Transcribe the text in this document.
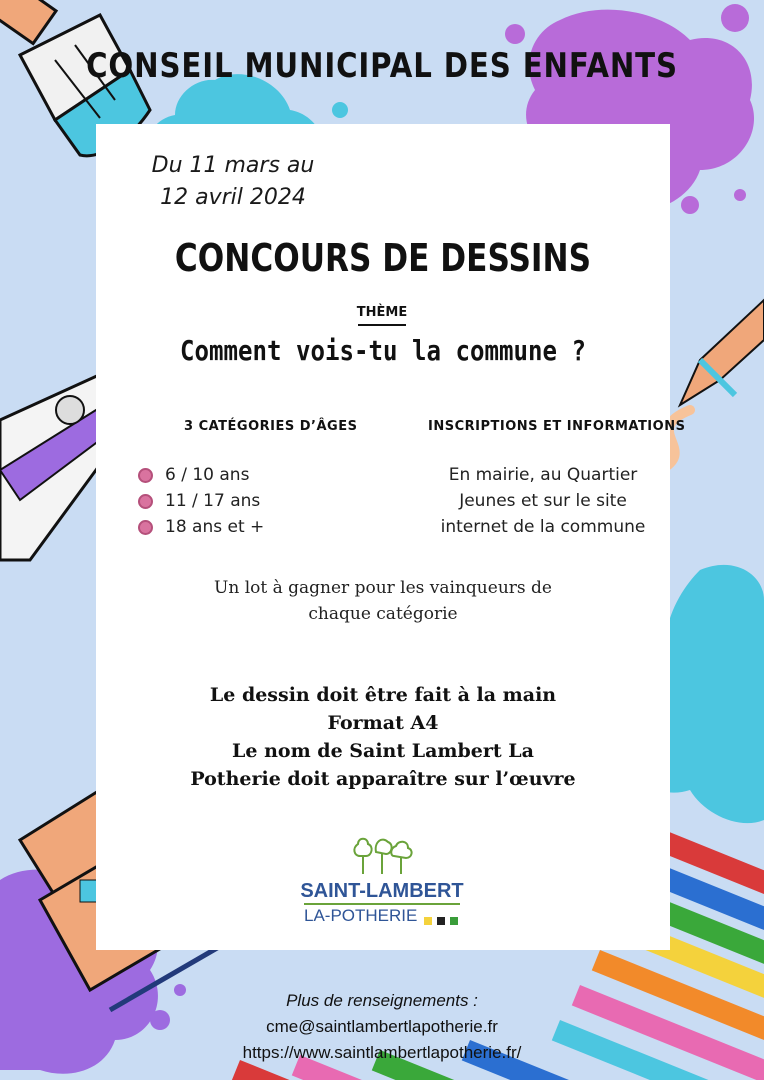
CONSEIL MUNICIPAL DES ENFANTS
Du 11 mars au
12 avril 2024
CONCOURS DE DESSINS
THÈME
Comment vois-tu la commune ?
3 CATÉGORIES D’ÂGES	INSCRIPTIONS ET INFORMATIONS
6 / 10 ans
11 / 17 ans
18 ans et +
En mairie, au Quartier
Jeunes et sur le site
internet de la commune
Un lot à gagner pour les vainqueurs de
chaque catégorie
Le dessin doit être fait à la main
Format A4
Le nom de Saint Lambert La
Potherie doit apparaître sur l’œuvre
SAINT-LAMBERT
LA-POTHERIE
Plus de renseignements :
cme@saintlambertlapotherie.fr
https://www.saintlambertlapotherie.fr/
